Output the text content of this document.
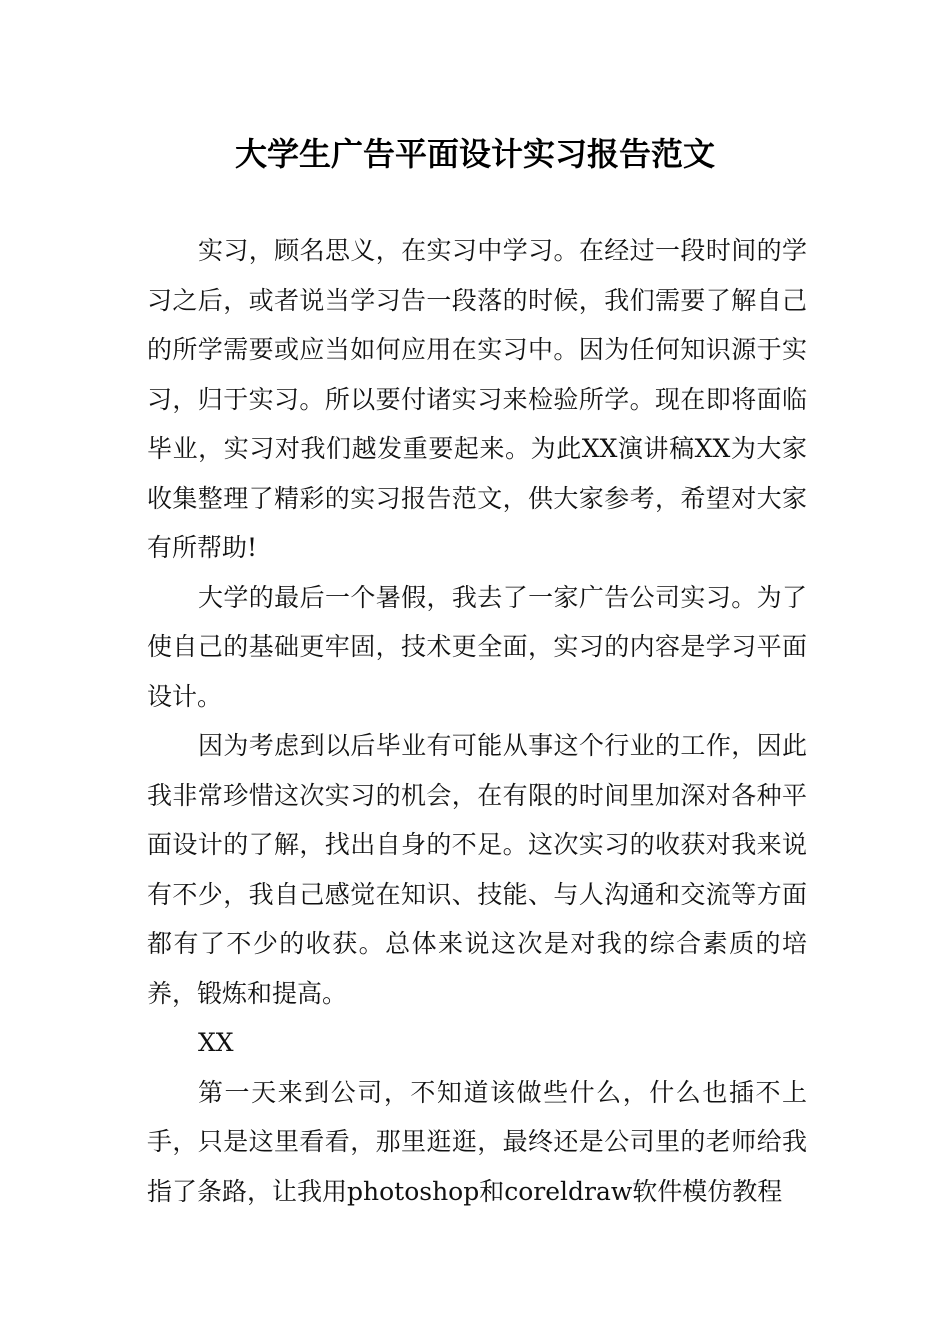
大学生广告平面设计实习报告范文

实习，顾名思义，在实习中学习。在经过一段时间的学习之后，或者说当学习告一段落的时候，我们需要了解自己的所学需要或应当如何应用在实习中。因为任何知识源于实习，归于实习。所以要付诸实习来检验所学。现在即将面临毕业，实习对我们越发重要起来。为此XX演讲稿XX为大家收集整理了精彩的实习报告范文，供大家参考，希望对大家有所帮助!

大学的最后一个暑假，我去了一家广告公司实习。为了使自己的基础更牢固，技术更全面，实习的内容是学习平面设计。

因为考虑到以后毕业有可能从事这个行业的工作，因此我非常珍惜这次实习的机会，在有限的时间里加深对各种平面设计的了解，找出自身的不足。这次实习的收获对我来说有不少，我自己感觉在知识、技能、与人沟通和交流等方面都有了不少的收获。总体来说这次是对我的综合素质的培养，锻炼和提高。

XX

第一天来到公司，不知道该做些什么，什么也插不上手，只是这里看看，那里逛逛，最终还是公司里的老师给我指了条路，让我用photoshop和coreldraw软件模仿教程
